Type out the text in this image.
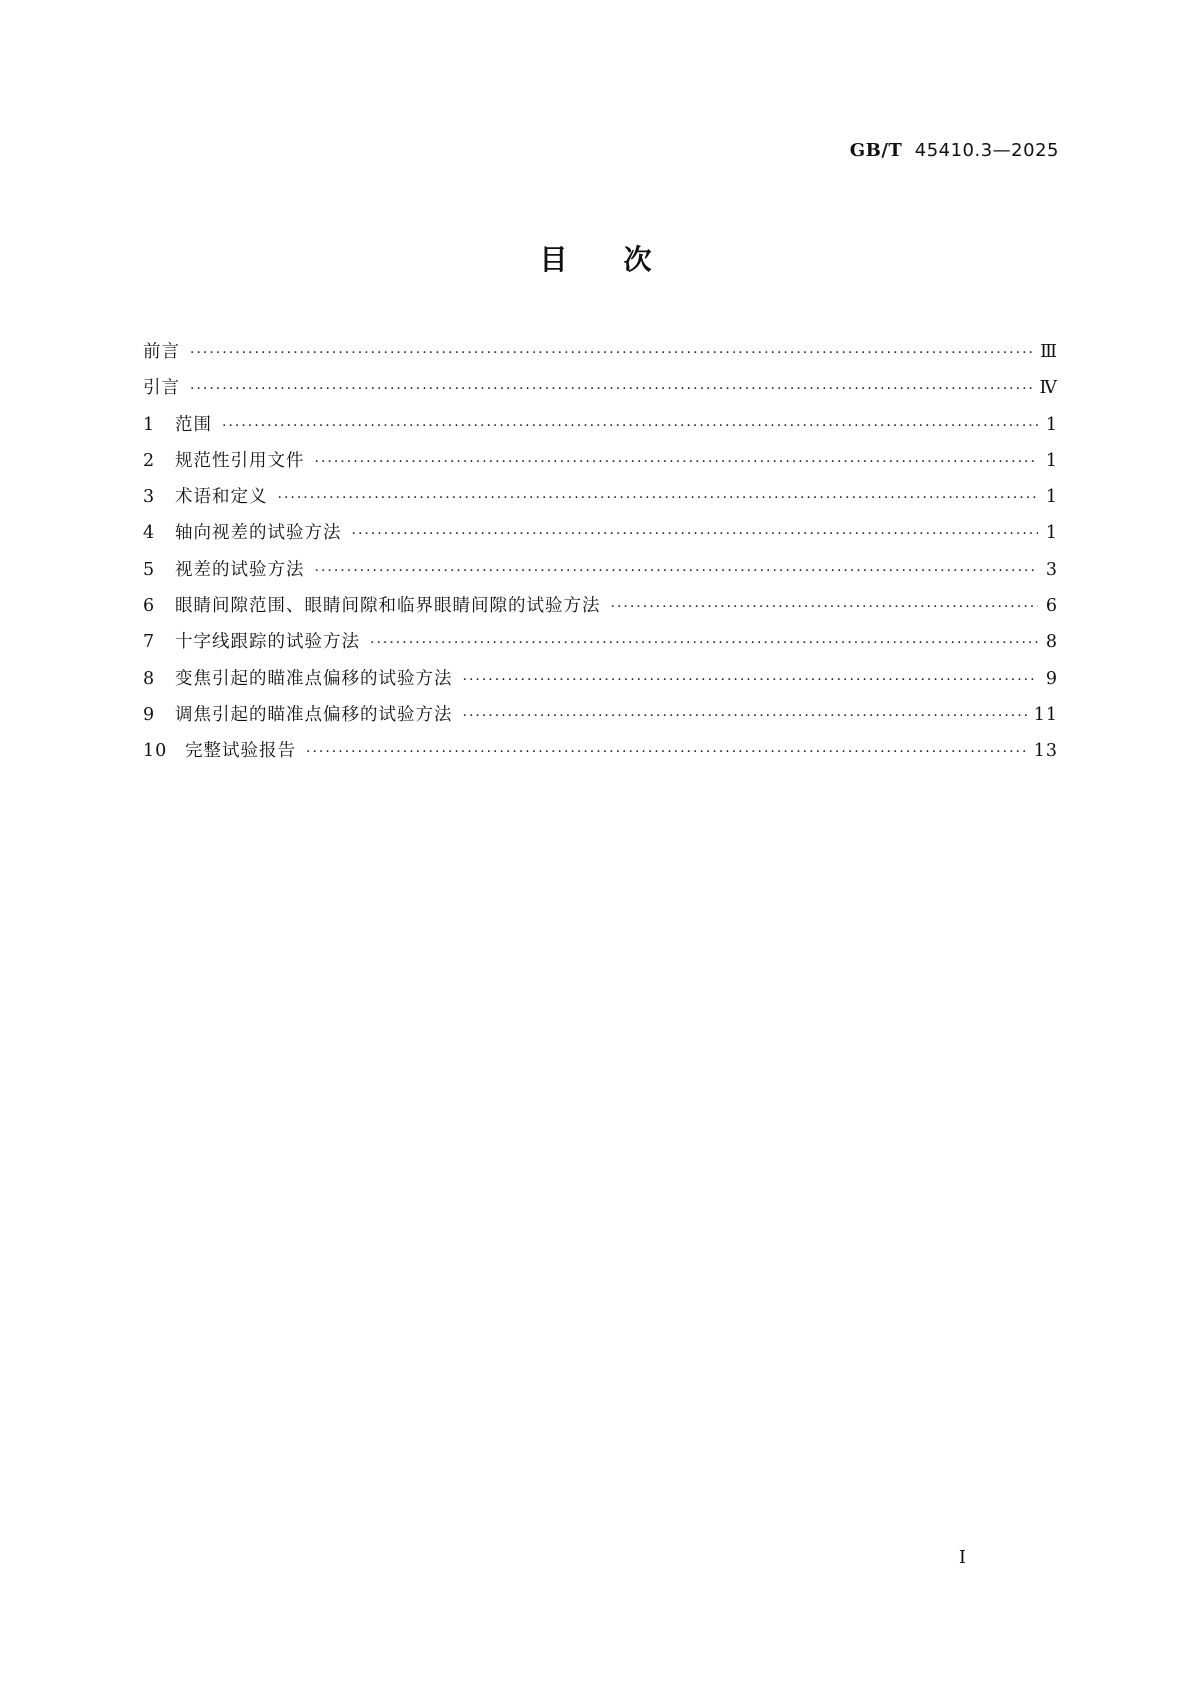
GB/T 45410.3—2025
目次
前言 ·····	Ⅲ
引言 ·····	Ⅳ
1	范围 ·····	1
2	规范性引用文件 ·····	1
3	术语和定义 ·····	1
4	轴向视差的试验方法 ·····	1
5	视差的试验方法 ·····	3
6	眼睛间隙范围、眼睛间隙和临界眼睛间隙的试验方法 ·····	6
7	十字线跟踪的试验方法 ·····	8
8	变焦引起的瞄准点偏移的试验方法 ·····	9
9	调焦引起的瞄准点偏移的试验方法 ·····	11
10	完整试验报告 ·····	13
Ⅰ
